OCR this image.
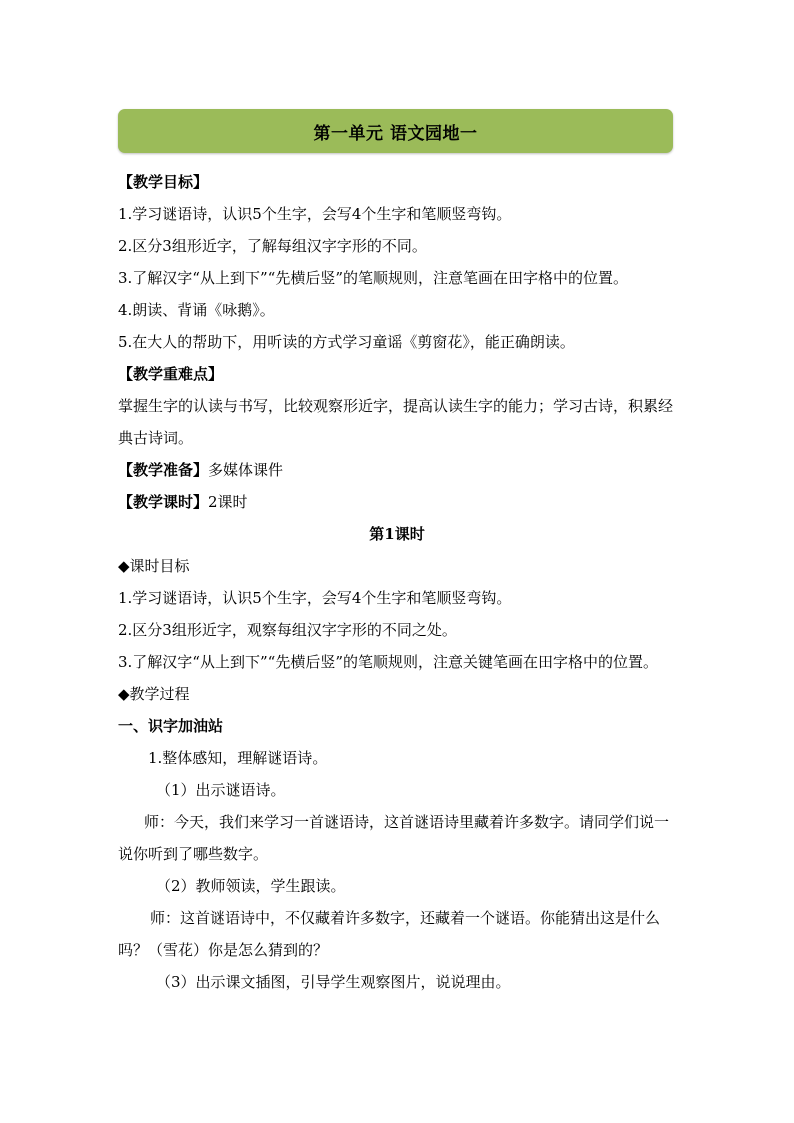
第一单元 语文园地一
【教学目标】
1.学习谜语诗，认识5个生字，会写4个生字和笔顺竖弯钩。
2.区分3组形近字，了解每组汉字字形的不同。
3.了解汉字“从上到下”“先横后竖”的笔顺规则，注意笔画在田字格中的位置。
4.朗读、背诵《咏鹅》。
5.在大人的帮助下，用听读的方式学习童谣《剪窗花》，能正确朗读。
【教学重难点】
掌握生字的认读与书写，比较观察形近字，提高认读生字的能力；学习古诗，积累经典古诗词。
【教学准备】多媒体课件
【教学课时】2课时
第1课时
◆课时目标
1.学习谜语诗，认识5个生字，会写4个生字和笔顺竖弯钩。
2.区分3组形近字，观察每组汉字字形的不同之处。
3.了解汉字“从上到下”“先横后竖”的笔顺规则，注意关键笔画在田字格中的位置。
◆教学过程
一、识字加油站
1.整体感知，理解谜语诗。
（1）出示谜语诗。
师：今天，我们来学习一首谜语诗，这首谜语诗里藏着许多数字。请同学们说一说你听到了哪些数字。
（2）教师领读，学生跟读。
师：这首谜语诗中，不仅藏着许多数字，还藏着一个谜语。你能猜出这是什么吗？（雪花）你是怎么猜到的？
（3）出示课文插图，引导学生观察图片，说说理由。
